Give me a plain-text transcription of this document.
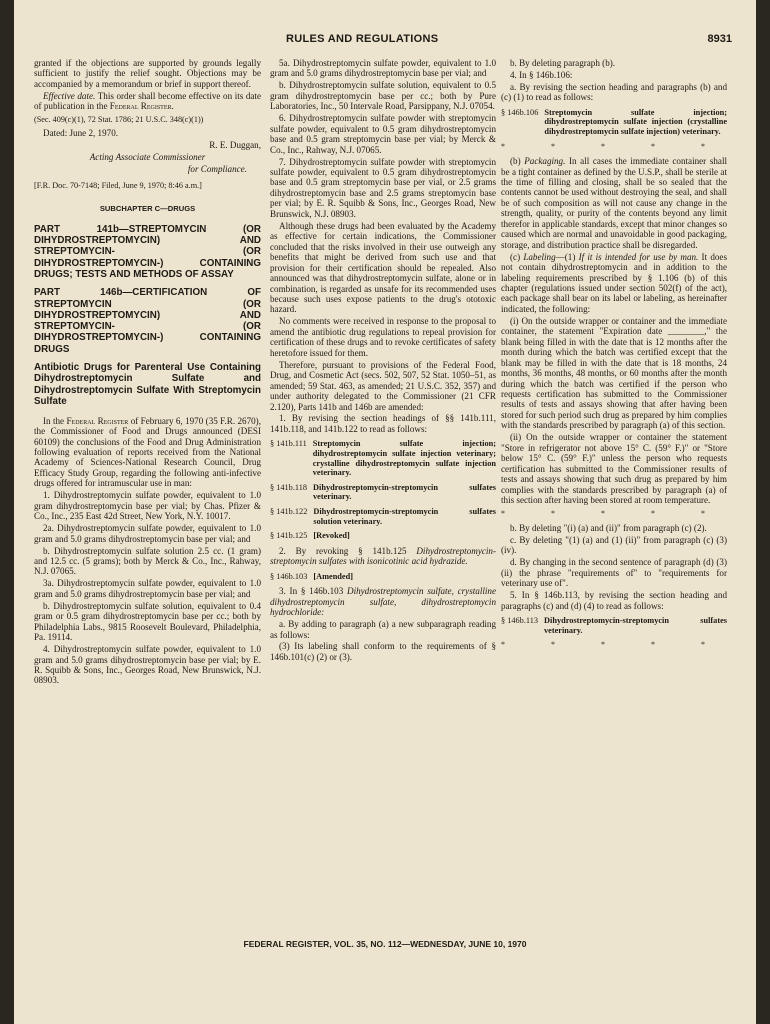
RULES AND REGULATIONS	8931

granted if the objections are supported by grounds legally sufficient to justify the relief sought. Objections may be accompanied by a memorandum or brief in support thereof.

Effective date. This order shall become effective on its date of publication in the Federal Register.

(Sec. 409(c)(1), 72 Stat. 1786; 21 U.S.C. 348(c)(1))

Dated: June 2, 1970.

R. E. Duggan,

Acting Associate Commissioner

for Compliance.

[F.R. Doc. 70-7148; Filed, June 9, 1970; 8:46 a.m.]

SUBCHAPTER C—DRUGS
PART 141b—STREPTOMYCIN (OR DIHYDROSTREPTOMYCIN) AND STREPTOMYCIN- (OR DIHYDROSTREPTOMYCIN-) CONTAINING DRUGS; TESTS AND METHODS OF ASSAY
PART 146b—CERTIFICATION OF STREPTOMYCIN (OR DIHYDROSTREPTOMYCIN) AND STREPTOMYCIN- (OR DIHYDROSTREPTOMYCIN-) CONTAINING DRUGS
Antibiotic Drugs for Parenteral Use Containing Dihydrostreptomycin Sulfate and Dihydrostreptomycin Sulfate With Streptomycin Sulfate

In the Federal Register of February 6, 1970 (35 F.R. 2670), the Commissioner of Food and Drugs announced (DESI 60109) the conclusions of the Food and Drug Administration following evaluation of reports received from the National Academy of Sciences-National Research Council, Drug Efficacy Study Group, regarding the following anti-infective drugs offered for intramuscular use in man:

1. Dihydrostreptomycin sulfate powder, equivalent to 1.0 gram dihydrostreptomycin base per vial; by Chas. Pfizer & Co., Inc., 235 East 42d Street, New York, N.Y. 10017.

2a. Dihydrostreptomycin sulfate powder, equivalent to 1.0 gram and 5.0 grams dihydrostreptomycin base per vial; and

b. Dihydrostreptomycin sulfate solution 2.5 cc. (1 gram) and 12.5 cc. (5 grams); both by Merck & Co., Inc., Rahway, N.J. 07065.

3a. Dihydrostreptomycin sulfate powder, equivalent to 1.0 gram and 5.0 grams dihydrostreptomycin base per vial; and

b. Dihydrostreptomycin sulfate solution, equivalent to 0.4 gram or 0.5 gram dihydrostreptomycin base per cc.; both by Philadelphia Labs., 9815 Roosevelt Boulevard, Philadelphia, Pa. 19114.

4. Dihydrostreptomycin sulfate powder, equivalent to 1.0 gram and 5.0 grams dihydrostreptomycin base per vial; by E. R. Squibb & Sons, Inc., Georges Road, New Brunswick, N.J. 08903.

5a. Dihydrostreptomycin sulfate powder, equivalent to 1.0 gram and 5.0 grams dihydrostreptomycin base per vial; and

b. Dihydrostreptomycin sulfate solution, equivalent to 0.5 gram dihydrostreptomycin base per cc.; both by Pure Laboratories, Inc., 50 Intervale Road, Parsippany, N.J. 07054.

6. Dihydrostreptomycin sulfate powder with streptomycin sulfate powder, equivalent to 0.5 gram dihydrostreptomycin base and 0.5 gram streptomycin base per vial; by Merck & Co., Inc., Rahway, N.J. 07065.

7. Dihydrostreptomycin sulfate powder with streptomycin sulfate powder, equivalent to 0.5 gram dihydrostreptomycin base and 0.5 gram streptomycin base per vial, or 2.5 grams dihydrostreptomycin base and 2.5 grams streptomycin base per vial; by E. R. Squibb & Sons, Inc., Georges Road, New Brunswick, N.J. 08903.

Although these drugs had been evaluated by the Academy as effective for certain indications, the Commissioner concluded that the risks involved in their use outweigh any benefits that might be derived from such use and that provision for their certification should be repealed. Also announced was that dihydrostreptomycin sulfate, alone or in combination, is regarded as unsafe for its recommended uses because such uses expose patients to the drug's ototoxic hazard.

No comments were received in response to the proposal to amend the antibiotic drug regulations to repeal provision for certification of these drugs and to revoke certificates of safety heretofore issued for them.

Therefore, pursuant to provisions of the Federal Food, Drug, and Cosmetic Act (secs. 502, 507, 52 Stat. 1050–51, as amended; 59 Stat. 463, as amended; 21 U.S.C. 352, 357) and under authority delegated to the Commissioner (21 CFR 2.120), Parts 141b and 146b are amended:

1. By revising the section headings of §§ 141b.111, 141b.118, and 141b.122 to read as follows:

§ 141b.111 Streptomycin sulfate injection; dihydrostreptomycin sulfate injection veterinary; crystalline dihydrostreptomycin sulfate injection veterinary.
§ 141b.118 Dihydrostreptomycin-streptomycin sulfates veterinary.
§ 141b.122 Dihydrostreptomycin-streptomycin sulfates solution veterinary.
§ 141b.125 [Revoked]

2. By revoking § 141b.125 Dihydrostreptomycin-streptomycin sulfates with isonicotinic acid hydrazide.

§ 146b.103 [Amended]

3. In § 146b.103 Dihydrostreptomycin sulfate, crystalline dihydrostreptomycin sulfate, dihydrostreptomycin hydrochloride:

a. By adding to paragraph (a) a new subparagraph reading as follows:

(3) Its labeling shall conform to the requirements of § 146b.101(c) (2) or (3).

b. By deleting paragraph (b).

4. In § 146b.106:

a. By revising the section heading and paragraphs (b) and (c) (1) to read as follows:

§ 146b.106 Streptomycin sulfate injection; dihydrostreptomycin sulfate injection (crystalline dihydrostreptomycin sulfate injection) veterinary.
* * * * *

(b) Packaging. In all cases the immediate container shall be a tight container as defined by the U.S.P., shall be sterile at the time of filling and closing, shall be so sealed that the contents cannot be used without destroying the seal, and shall be of such composition as will not cause any change in the strength, quality, or purity of the contents beyond any limit therefor in applicable standards, except that minor changes so caused which are normal and unavoidable in good packaging, storage, and distribution practice shall be disregarded.

(c) Labeling—(1) If it is intended for use by man. It does not contain dihydrostreptomycin and in addition to the labeling requirements prescribed by § 1.106 (b) of this chapter (regulations issued under section 502(f) of the act), each package shall bear on its label or labeling, as hereinafter indicated, the following:

(i) On the outside wrapper or container and the immediate container, the statement "Expiration date ________," the blank being filled in with the date that is 12 months after the month during which the batch was certified except that the blank may be filled in with the date that is 18 months, 24 months, 36 months, 48 months, or 60 months after the month during which the batch was certified if the person who requests certification has submitted to the Commissioner results of tests and assays showing that after having been stored for such period such drug as prepared by him complies with the standards prescribed by paragraph (a) of this section.

(ii) On the outside wrapper or container the statement "Store in refrigerator not above 15° C. (59° F.)" or "Store below 15° C. (59° F.)" unless the person who requests certification has submitted to the Commissioner results of tests and assays showing that such drug as prepared by him complies with the standards prescribed by paragraph (a) of this section after having been stored at room temperature.

* * * * *

b. By deleting "(i) (a) and (ii)" from paragraph (c) (2).

c. By deleting "(1) (a) and (1) (ii)" from paragraph (c) (3) (iv).

d. By changing in the second sentence of paragraph (d) (3) (ii) the phrase "requirements of" to "requirements for veterinary use of".

5. In § 146b.113, by revising the section heading and paragraphs (c) and (d) (4) to read as follows:

§ 146b.113 Dihydrostreptomycin-streptomycin sulfates veterinary.
* * * * *
FEDERAL REGISTER, VOL. 35, NO. 112—WEDNESDAY, JUNE 10, 1970
